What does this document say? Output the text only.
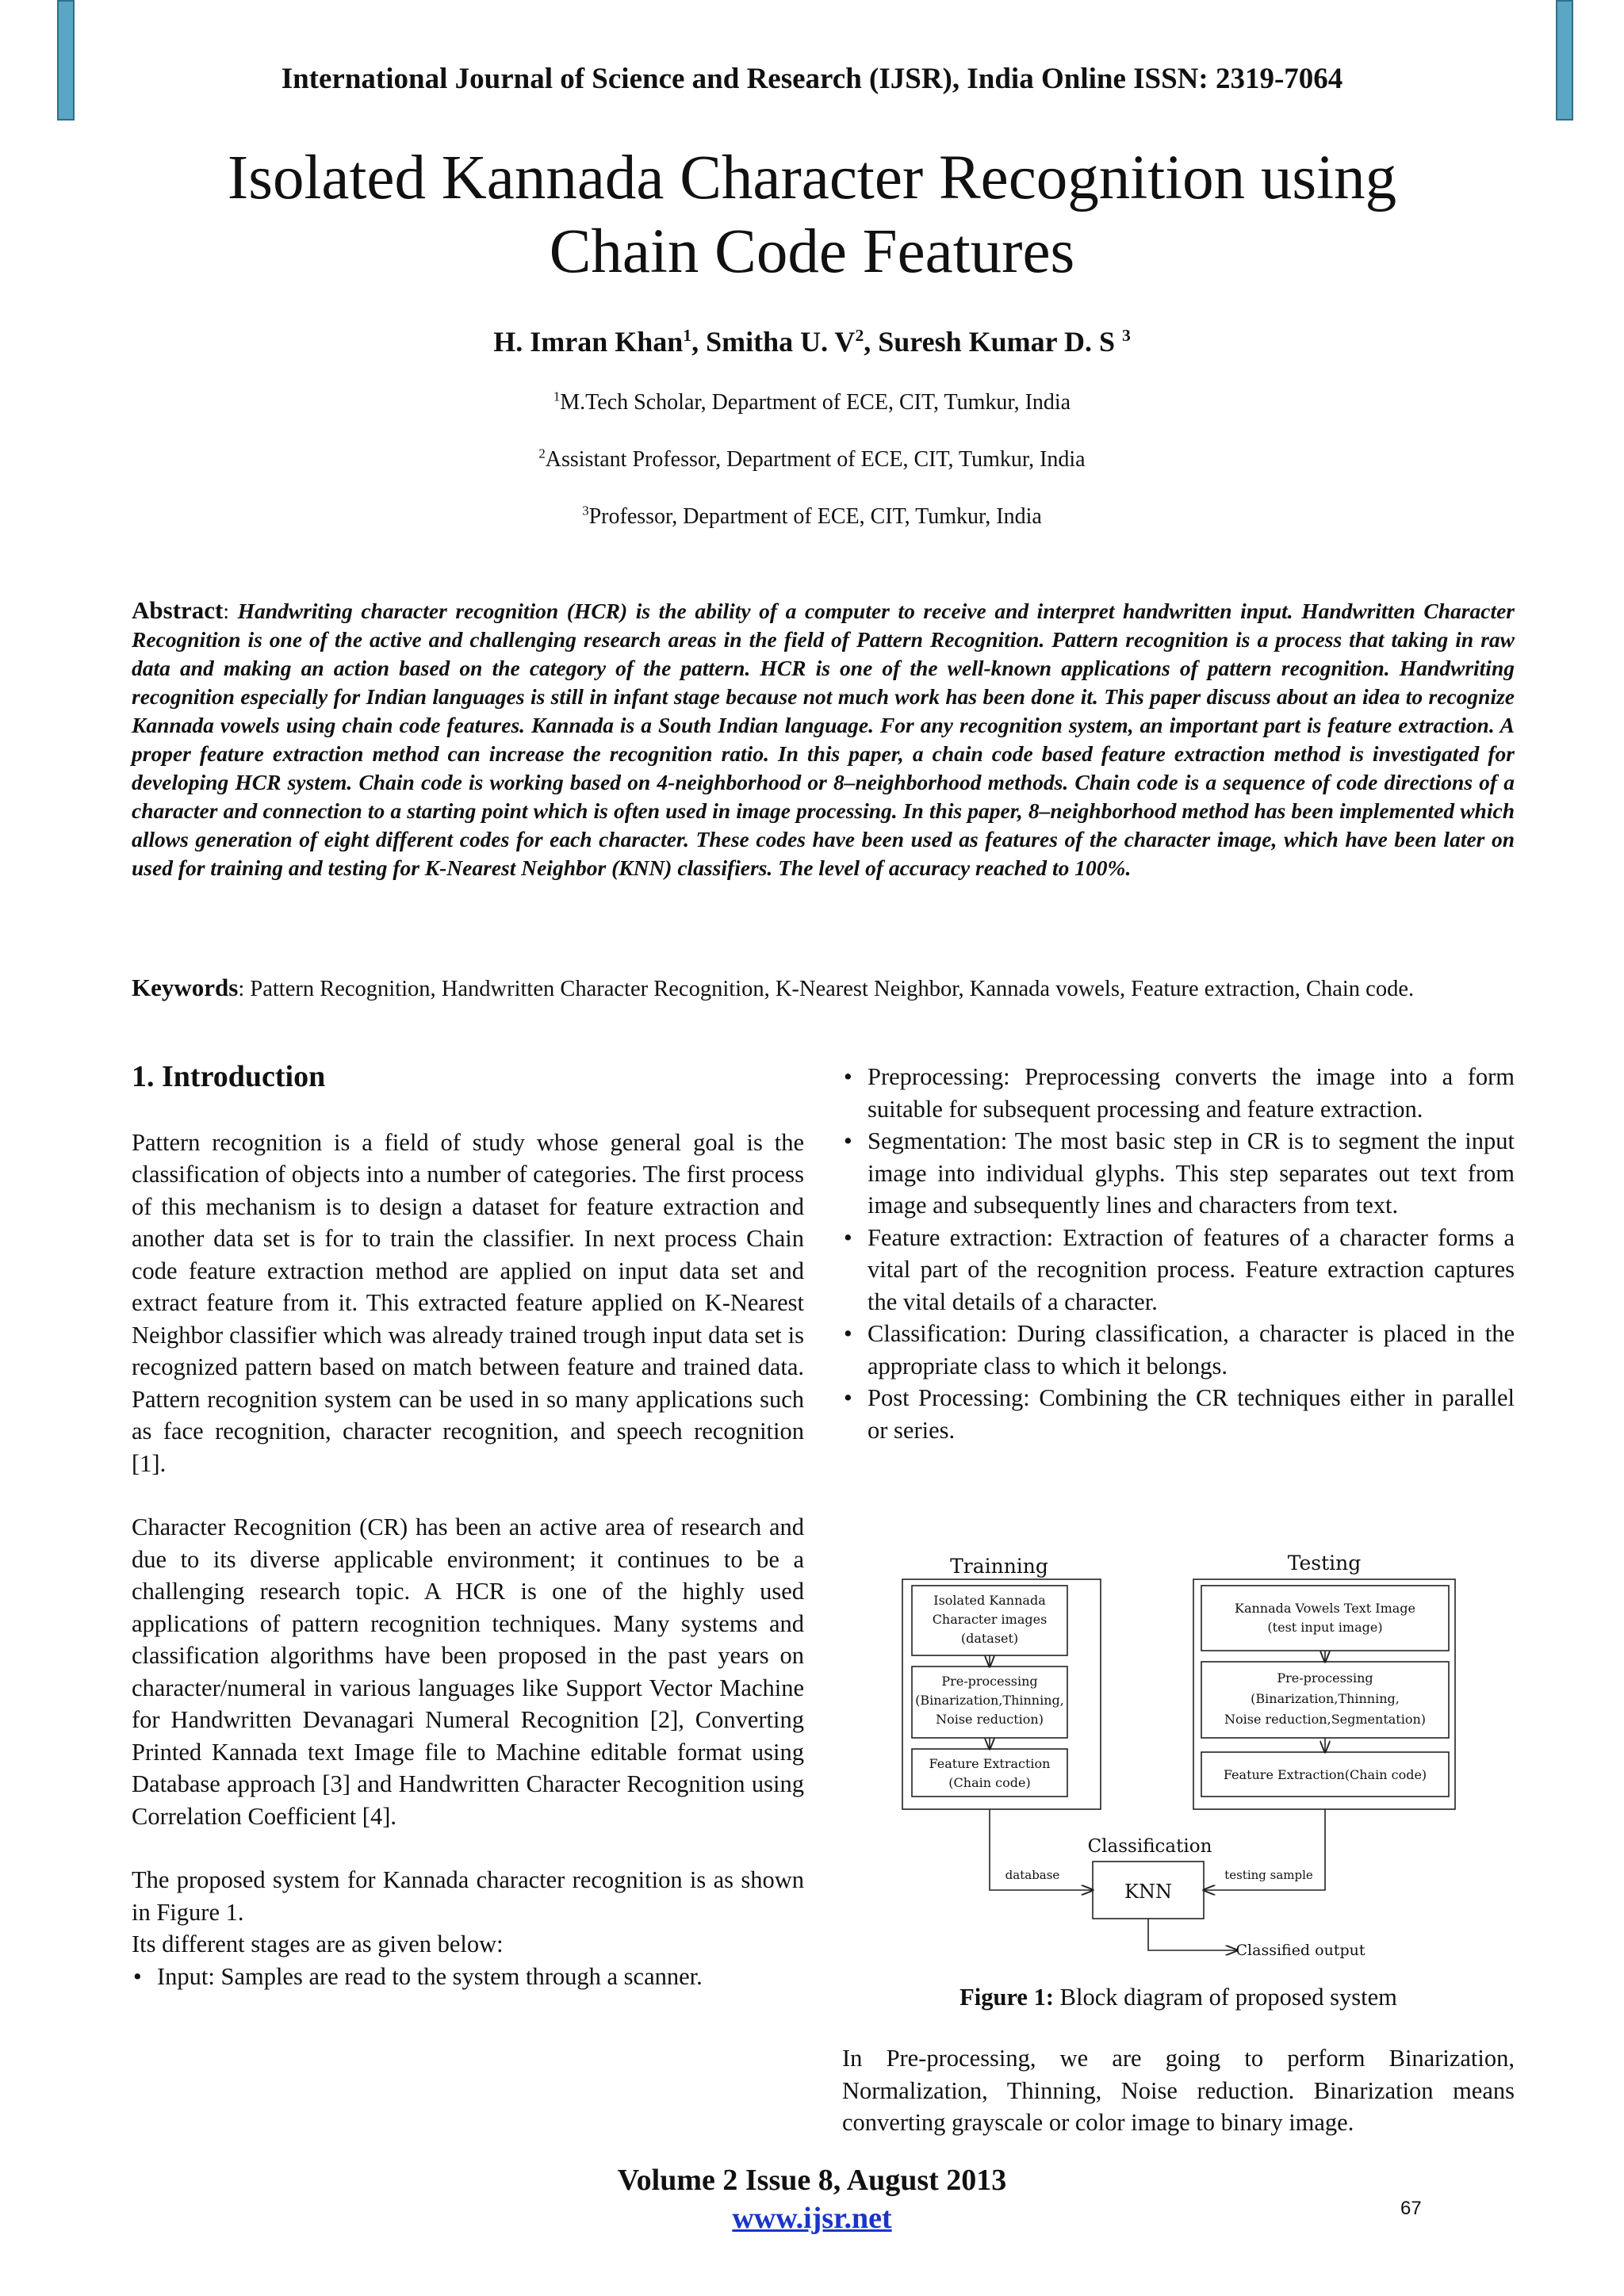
International Journal of Science and Research (IJSR), India Online ISSN: 2319-7064
Isolated Kannada Character Recognition using
Chain Code Features
H. Imran Khan$^1$, Smitha U. $V^2$, Suresh Kumar D. S $^3$
$^1$M.Tech Scholar, Department of ECE, CIT, Tumkur, India
$^2$Assistant Professor, Department of ECE, CIT, Tumkur, India
$^3$Professor, Department of ECE, CIT, Tumkur, India
Abstract: Handwriting character recognition (HCR) is the ability of a computer to receive and interpret handwritten input. Handwritten Character Recognition is one of the active and challenging research areas in the field of Pattern Recognition. Pattern recognition is a process that taking in raw data and making an action based on the category of the pattern. HCR is one of the well-known applications of pattern recognition. Handwriting recognition especially for Indian languages is still in infant stage because not much work has been done it. This paper discuss about an idea to recognize Kannada vowels using chain code features. Kannada is a South Indian language. For any recognition system, an important part is feature extraction. A proper feature extraction method can increase the recognition ratio. In this paper, a chain code based feature extraction method is investigated for developing HCR system. Chain code is working based on 4-neighborhood or 8–neighborhood methods. Chain code is a sequence of code directions of a character and connection to a starting point which is often used in image processing. In this paper, 8–neighborhood method has been implemented which allows generation of eight different codes for each character. These codes have been used as features of the character image, which have been later on used for training and testing for K-Nearest Neighbor (KNN) classifiers. The level of accuracy reached to 100%.
Keywords: Pattern Recognition, Handwritten Character Recognition, K-Nearest Neighbor, Kannada vowels, Feature extraction, Chain code.
1. Introduction

Pattern recognition is a field of study whose general goal is the classification of objects into a number of categories. The first process of this mechanism is to design a dataset for feature extraction and another data set is for to train the classifier. In next process Chain code feature extraction method are applied on input data set and extract feature from it. This extracted feature applied on K-Nearest Neighbor classifier which was already trained trough input data set is recognized pattern based on match between feature and trained data. Pattern recognition system can be used in so many applications such as face recognition, character recognition, and speech recognition [1].

Character Recognition (CR) has been an active area of research and due to its diverse applicable environment; it continues to be a challenging research topic. A HCR is one of the highly used applications of pattern recognition techniques. Many systems and classification algorithms have been proposed in the past years on character/numeral in various languages like Support Vector Machine for Handwritten Devanagari Numeral Recognition [2], Converting Printed Kannada text Image file to Machine editable format using Database approach [3] and Handwritten Character Recognition using Correlation Coefficient [4].

The proposed system for Kannada character recognition is as shown in Figure 1.

Its different stages are as given below:

• Input: Samples are read to the system through a scanner.
• Preprocessing: Preprocessing converts the image into a form suitable for subsequent processing and feature extraction.
• Segmentation: The most basic step in CR is to segment the input image into individual glyphs. This step separates out text from image and subsequently lines and characters from text.
• Feature extraction: Extraction of features of a character forms a vital part of the recognition process. Feature extraction captures the vital details of a character.
• Classification: During classification, a character is placed in the appropriate class to which it belongs.
• Post Processing: Combining the CR techniques either in parallel or series.
Trainning	Testing
Isolated Kannada
Character images
(dataset)
Pre-processing
(Binarization,Thinning,
Noise reduction)
Feature Extraction
(Chain code)
Kannada Vowels Text Image
(test input image)
Pre-processing
(Binarization,Thinning,
Noise reduction,Segmentation)
Feature Extraction(Chain code)
Classification
KNN
database	testing sample
Classified output
Figure 1: Block diagram of proposed system
In Pre-processing, we are going to perform Binarization, Normalization, Thinning, Noise reduction. Binarization means converting grayscale or color image to binary image.
Volume 2 Issue 8, August 2013
www.ijsr.net	67
